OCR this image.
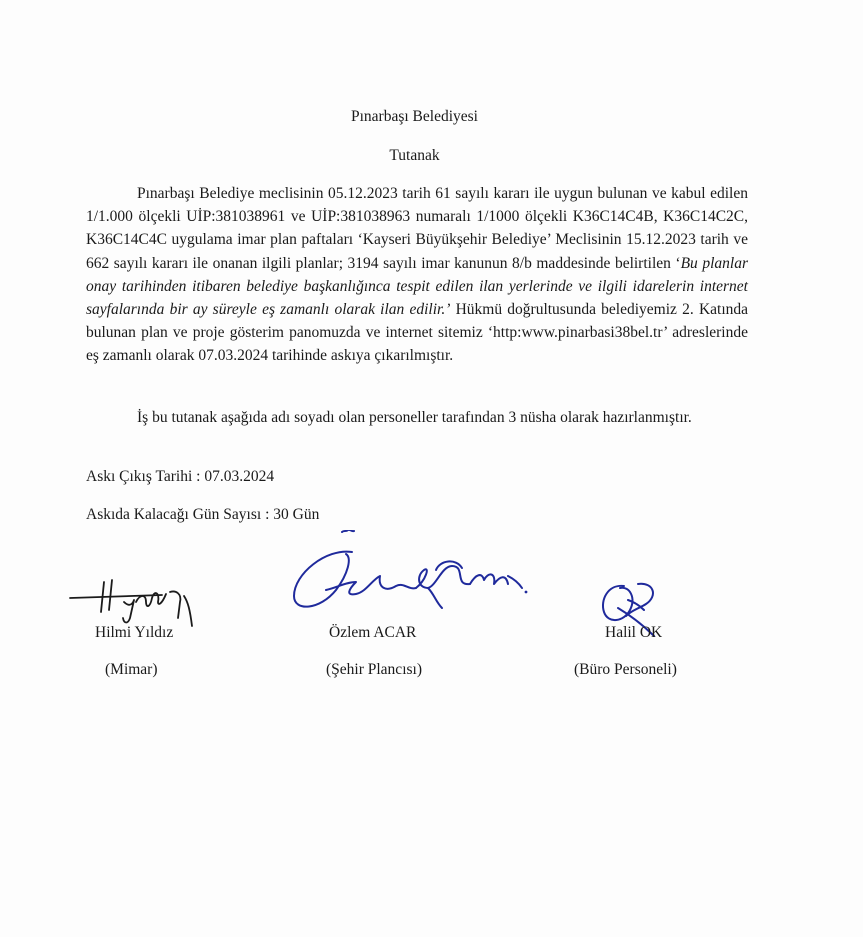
Pınarbaşı Belediyesi
Tutanak
Pınarbaşı Belediye meclisinin 05.12.2023 tarih 61 sayılı kararı ile uygun bulunan ve kabul edilen 1/1.000 ölçekli UİP:381038961 ve UİP:381038963 numaralı 1/1000 ölçekli K36C14C4B, K36C14C2C, K36C14C4C uygulama imar plan paftaları ‘Kayseri Büyükşehir Belediye’ Meclisinin 15.12.2023 tarih ve 662 sayılı kararı ile onanan ilgili planlar; 3194 sayılı imar kanunun 8/b maddesinde belirtilen ‘Bu planlar onay tarihinden itibaren belediye başkanlığınca tespit edilen ilan yerlerinde ve ilgili idarelerin internet sayfalarında bir ay süreyle eş zamanlı olarak ilan edilir.’ Hükmü doğrultusunda belediyemiz 2. Katında bulunan plan ve proje gösterim panomuzda ve internet sitemiz ‘http:www.pinarbasi38bel.tr’ adreslerinde eş zamanlı olarak 07.03.2024 tarihinde askıya çıkarılmıştır.
İş bu tutanak aşağıda adı soyadı olan personeller tarafından 3 nüsha olarak hazırlanmıştır.
Askı Çıkış Tarihi : 07.03.2024
Askıda Kalacağı Gün Sayısı : 30 Gün
Hilmi Yıldız
(Mimar)
Özlem ACAR
(Şehir Plancısı)
Halil OK
(Büro Personeli)
